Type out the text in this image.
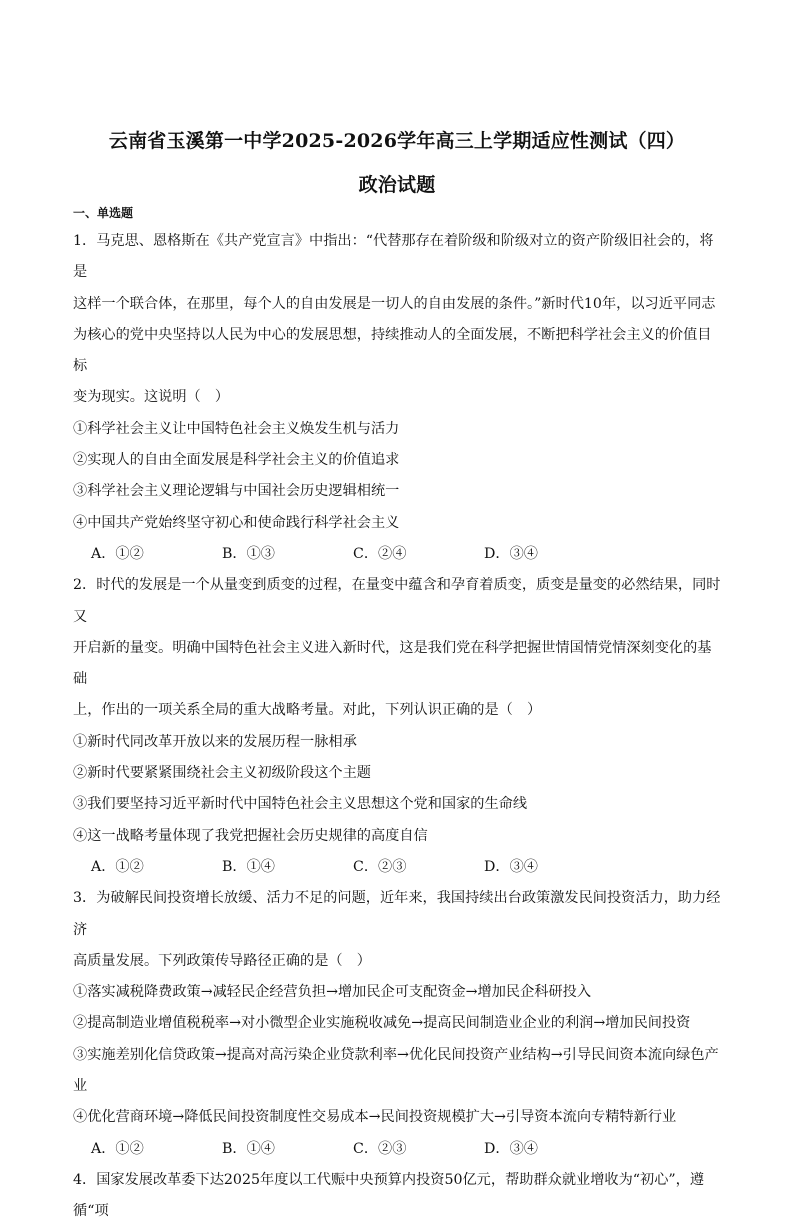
云南省玉溪第一中学2025-2026学年高三上学期适应性测试（四）
政治试题
一、单选题

1．马克思、恩格斯在《共产党宣言》中指出：“代替那存在着阶级和阶级对立的资产阶级旧社会的，将是

这样一个联合体，在那里，每个人的自由发展是一切人的自由发展的条件。”新时代10年，以习近平同志

为核心的党中央坚持以人民为中心的发展思想，持续推动人的全面发展，不断把科学社会主义的价值目标

变为现实。这说明（　）

①科学社会主义让中国特色社会主义焕发生机与活力

②实现人的自由全面发展是科学社会主义的价值追求

③科学社会主义理论逻辑与中国社会历史逻辑相统一

④中国共产党始终坚守初心和使命践行科学社会主义

A．①②	B．①③	C．②④	D．③④

2．时代的发展是一个从量变到质变的过程，在量变中蕴含和孕育着质变，质变是量变的必然结果，同时又

开启新的量变。明确中国特色社会主义进入新时代，这是我们党在科学把握世情国情党情深刻变化的基础

上，作出的一项关系全局的重大战略考量。对此，下列认识正确的是（　）

①新时代同改革开放以来的发展历程一脉相承

②新时代要紧紧围绕社会主义初级阶段这个主题

③我们要坚持习近平新时代中国特色社会主义思想这个党和国家的生命线

④这一战略考量体现了我党把握社会历史规律的高度自信

A．①②	B．①④	C．②③	D．③④

3．为破解民间投资增长放缓、活力不足的问题，近年来，我国持续出台政策激发民间投资活力，助力经济

高质量发展。下列政策传导路径正确的是（　）

①落实减税降费政策→减轻民企经营负担→增加民企可支配资金→增加民企科研投入

②提高制造业增值税税率→对小微型企业实施税收减免→提高民间制造业企业的利润→增加民间投资

③实施差别化信贷政策→提高对高污染企业贷款利率→优化民间投资产业结构→引导民间资本流向绿色产

业

④优化营商环境→降低民间投资制度性交易成本→民间投资规模扩大→引导资本流向专精特新行业

A．①②	B．①④	C．②③	D．③④

4．国家发展改革委下达2025年度以工代赈中央预算内投资50亿元，帮助群众就业增收为“初心”，遵循“项
